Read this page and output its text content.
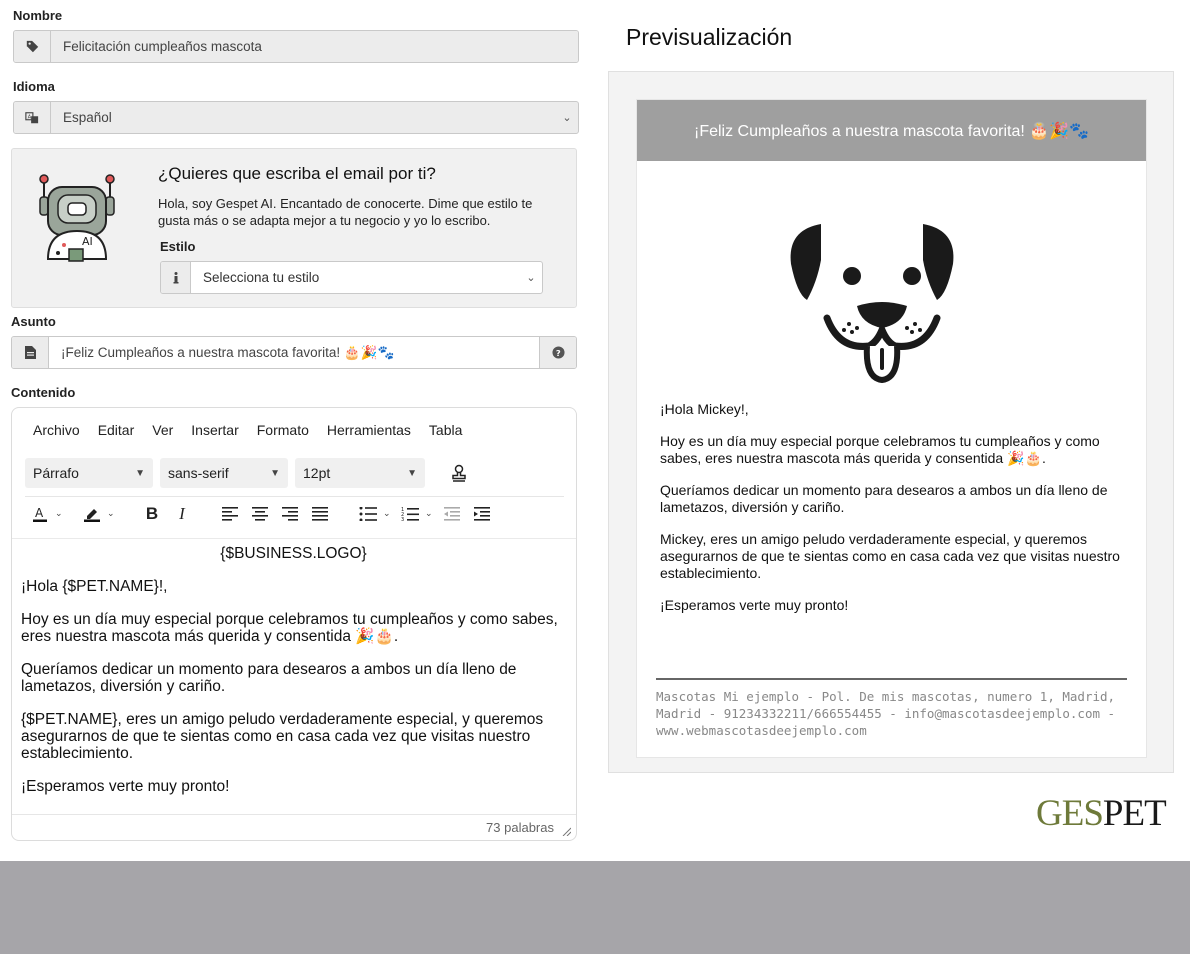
Nombre
Felicitación cumpleaños mascota
Idioma
A	Español	⌄
AI
¿Quieres que escriba el email por ti?
Hola, soy Gespet AI. Encantado de conocerte. Dime que estilo te gusta más o se adapta mejor a tu negocio y yo lo escribo.
Estilo
Selecciona tu estilo	⌄
Asunto
¡Feliz Cumpleaños a nuestra mascota favorita! 🎂🎉🐾	?
Contenido
Archivo Editar Ver Insertar Formato Herramientas Tabla
Párrafo	▼ sans-serif	▼ 12pt	▼
A ⌄	⌄	B	I	⌄	1
2
3
⌄

{$BUSINESS.LOGO}

¡Hola {$PET.NAME}!,

Hoy es un día muy especial porque celebramos tu cumpleaños y como sabes, eres nuestra mascota más querida y consentida 🎉🎂.

Queríamos dedicar un momento para desearos a ambos un día lleno de lametazos, diversión y cariño.

{$PET.NAME}, eres un amigo peludo verdaderamente especial, y queremos asegurarnos de que te sientas como en casa cada vez que visitas nuestro establecimiento.

¡Esperamos verte muy pronto!

73 palabras
Previsualización
¡Feliz Cumpleaños a nuestra mascota favorita! 🎂🎉🐾

¡Hola Mickey!,

Hoy es un día muy especial porque celebramos tu cumpleaños y como sabes, eres nuestra mascota más querida y consentida 🎉🎂.

Queríamos dedicar un momento para desearos a ambos un día lleno de lametazos, diversión y cariño.

Mickey, eres un amigo peludo verdaderamente especial, y queremos asegurarnos de que te sientas como en casa cada vez que visitas nuestro establecimiento.

¡Esperamos verte muy pronto!

Mascotas Mi ejemplo - Pol. De mis mascotas, numero 1, Madrid, Madrid - 91234332211/666554455 - info@mascotasdeejemplo.com - www.webmascotasdeejemplo.com
GESPET
